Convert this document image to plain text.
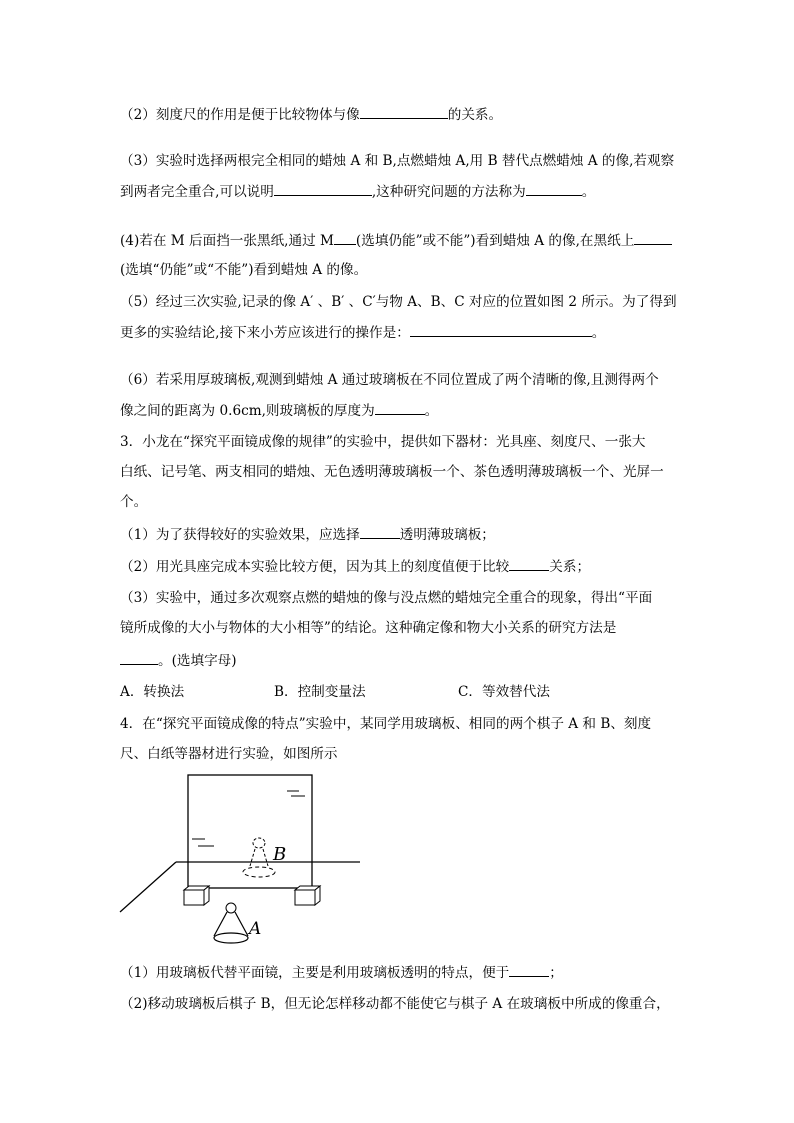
（2）刻度尺的作用是便于比较物体与像	的关系。
（3）实验时选择两根完全相同的蜡烛 A 和 B,点燃蜡烛 A,用 B 替代点燃蜡烛 A 的像,若观察
到两者完全重合,可以说明	,这种研究问题的方法称为	。
(4)若在 M 后面挡一张黑纸,通过 M (选填仍能”或不能”)看到蜡烛 A 的像,在黑纸上
(选填“仍能”或“不能”)看到蜡烛 A 的像。
（5）经过三次实验,记录的像 A′ 、B′ 、C′与物 A、B、C 对应的位置如图 2 所示。为了得到
更多的实验结论,接下来小芳应该进行的操作是：	。
（6）若采用厚玻璃板,观测到蜡烛 A 通过玻璃板在不同位置成了两个清晰的像,且测得两个
像之间的距离为 0.6cm,则玻璃板的厚度为	。
3．小龙在“探究平面镜成像的规律”的实验中，提供如下器材：光具座、刻度尺、一张大
白纸、记号笔、两支相同的蜡烛、无色透明薄玻璃板一个、茶色透明薄玻璃板一个、光屏一
个。
（1）为了获得较好的实验效果，应选择	透明薄玻璃板；
（2）用光具座完成本实验比较方便，因为其上的刻度值便于比较	关系；
（3）实验中，通过多次观察点燃的蜡烛的像与没点燃的蜡烛完全重合的现象，得出“平面
镜所成像的大小与物体的大小相等”的结论。这种确定像和物大小关系的研究方法是
。(选填字母)
A．转换法	B．控制变量法	C．等效替代法
4．在“探究平面镜成像的特点”实验中，某同学用玻璃板、相同的两个棋子 A 和 B、刻度
尺、白纸等器材进行实验，如图所示
B
A
（1）用玻璃板代替平面镜，主要是利用玻璃板透明的特点，便于	；
（2)移动玻璃板后棋子 B，但无论怎样移动都不能使它与棋子 A 在玻璃板中所成的像重合，
